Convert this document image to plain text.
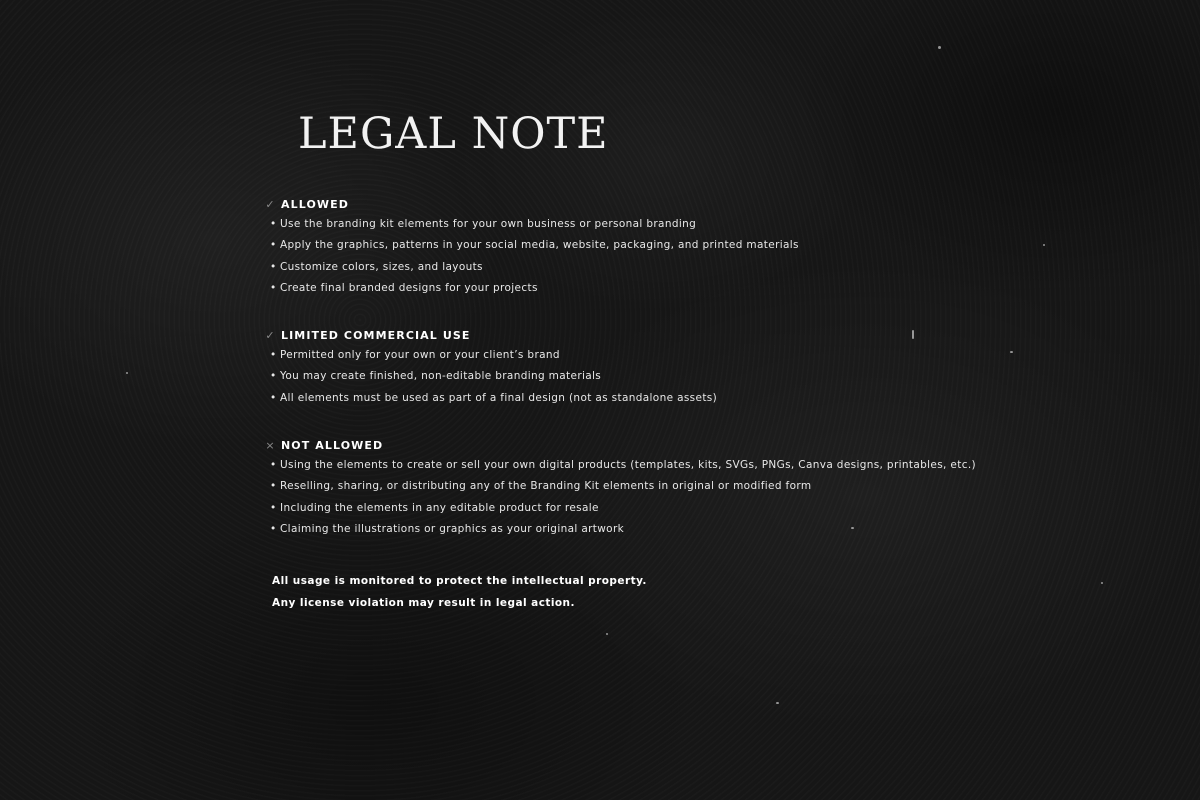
LEGAL NOTE
✓ ALLOWED
• Use the branding kit elements for your own business or personal branding
• Apply the graphics, patterns in your social media, website, packaging, and printed materials
• Customize colors, sizes, and layouts
• Create final branded designs for your projects
✓ LIMITED COMMERCIAL USE
• Permitted only for your own or your client’s brand
• You may create finished, non-editable branding materials
• All elements must be used as part of a final design (not as standalone assets)
× NOT ALLOWED
• Using the elements to create or sell your own digital products (templates, kits, SVGs, PNGs, Canva designs, printables, etc.)
• Reselling, sharing, or distributing any of the Branding Kit elements in original or modified form
• Including the elements in any editable product for resale
• Claiming the illustrations or graphics as your original artwork
All usage is monitored to protect the intellectual property.
Any license violation may result in legal action.
